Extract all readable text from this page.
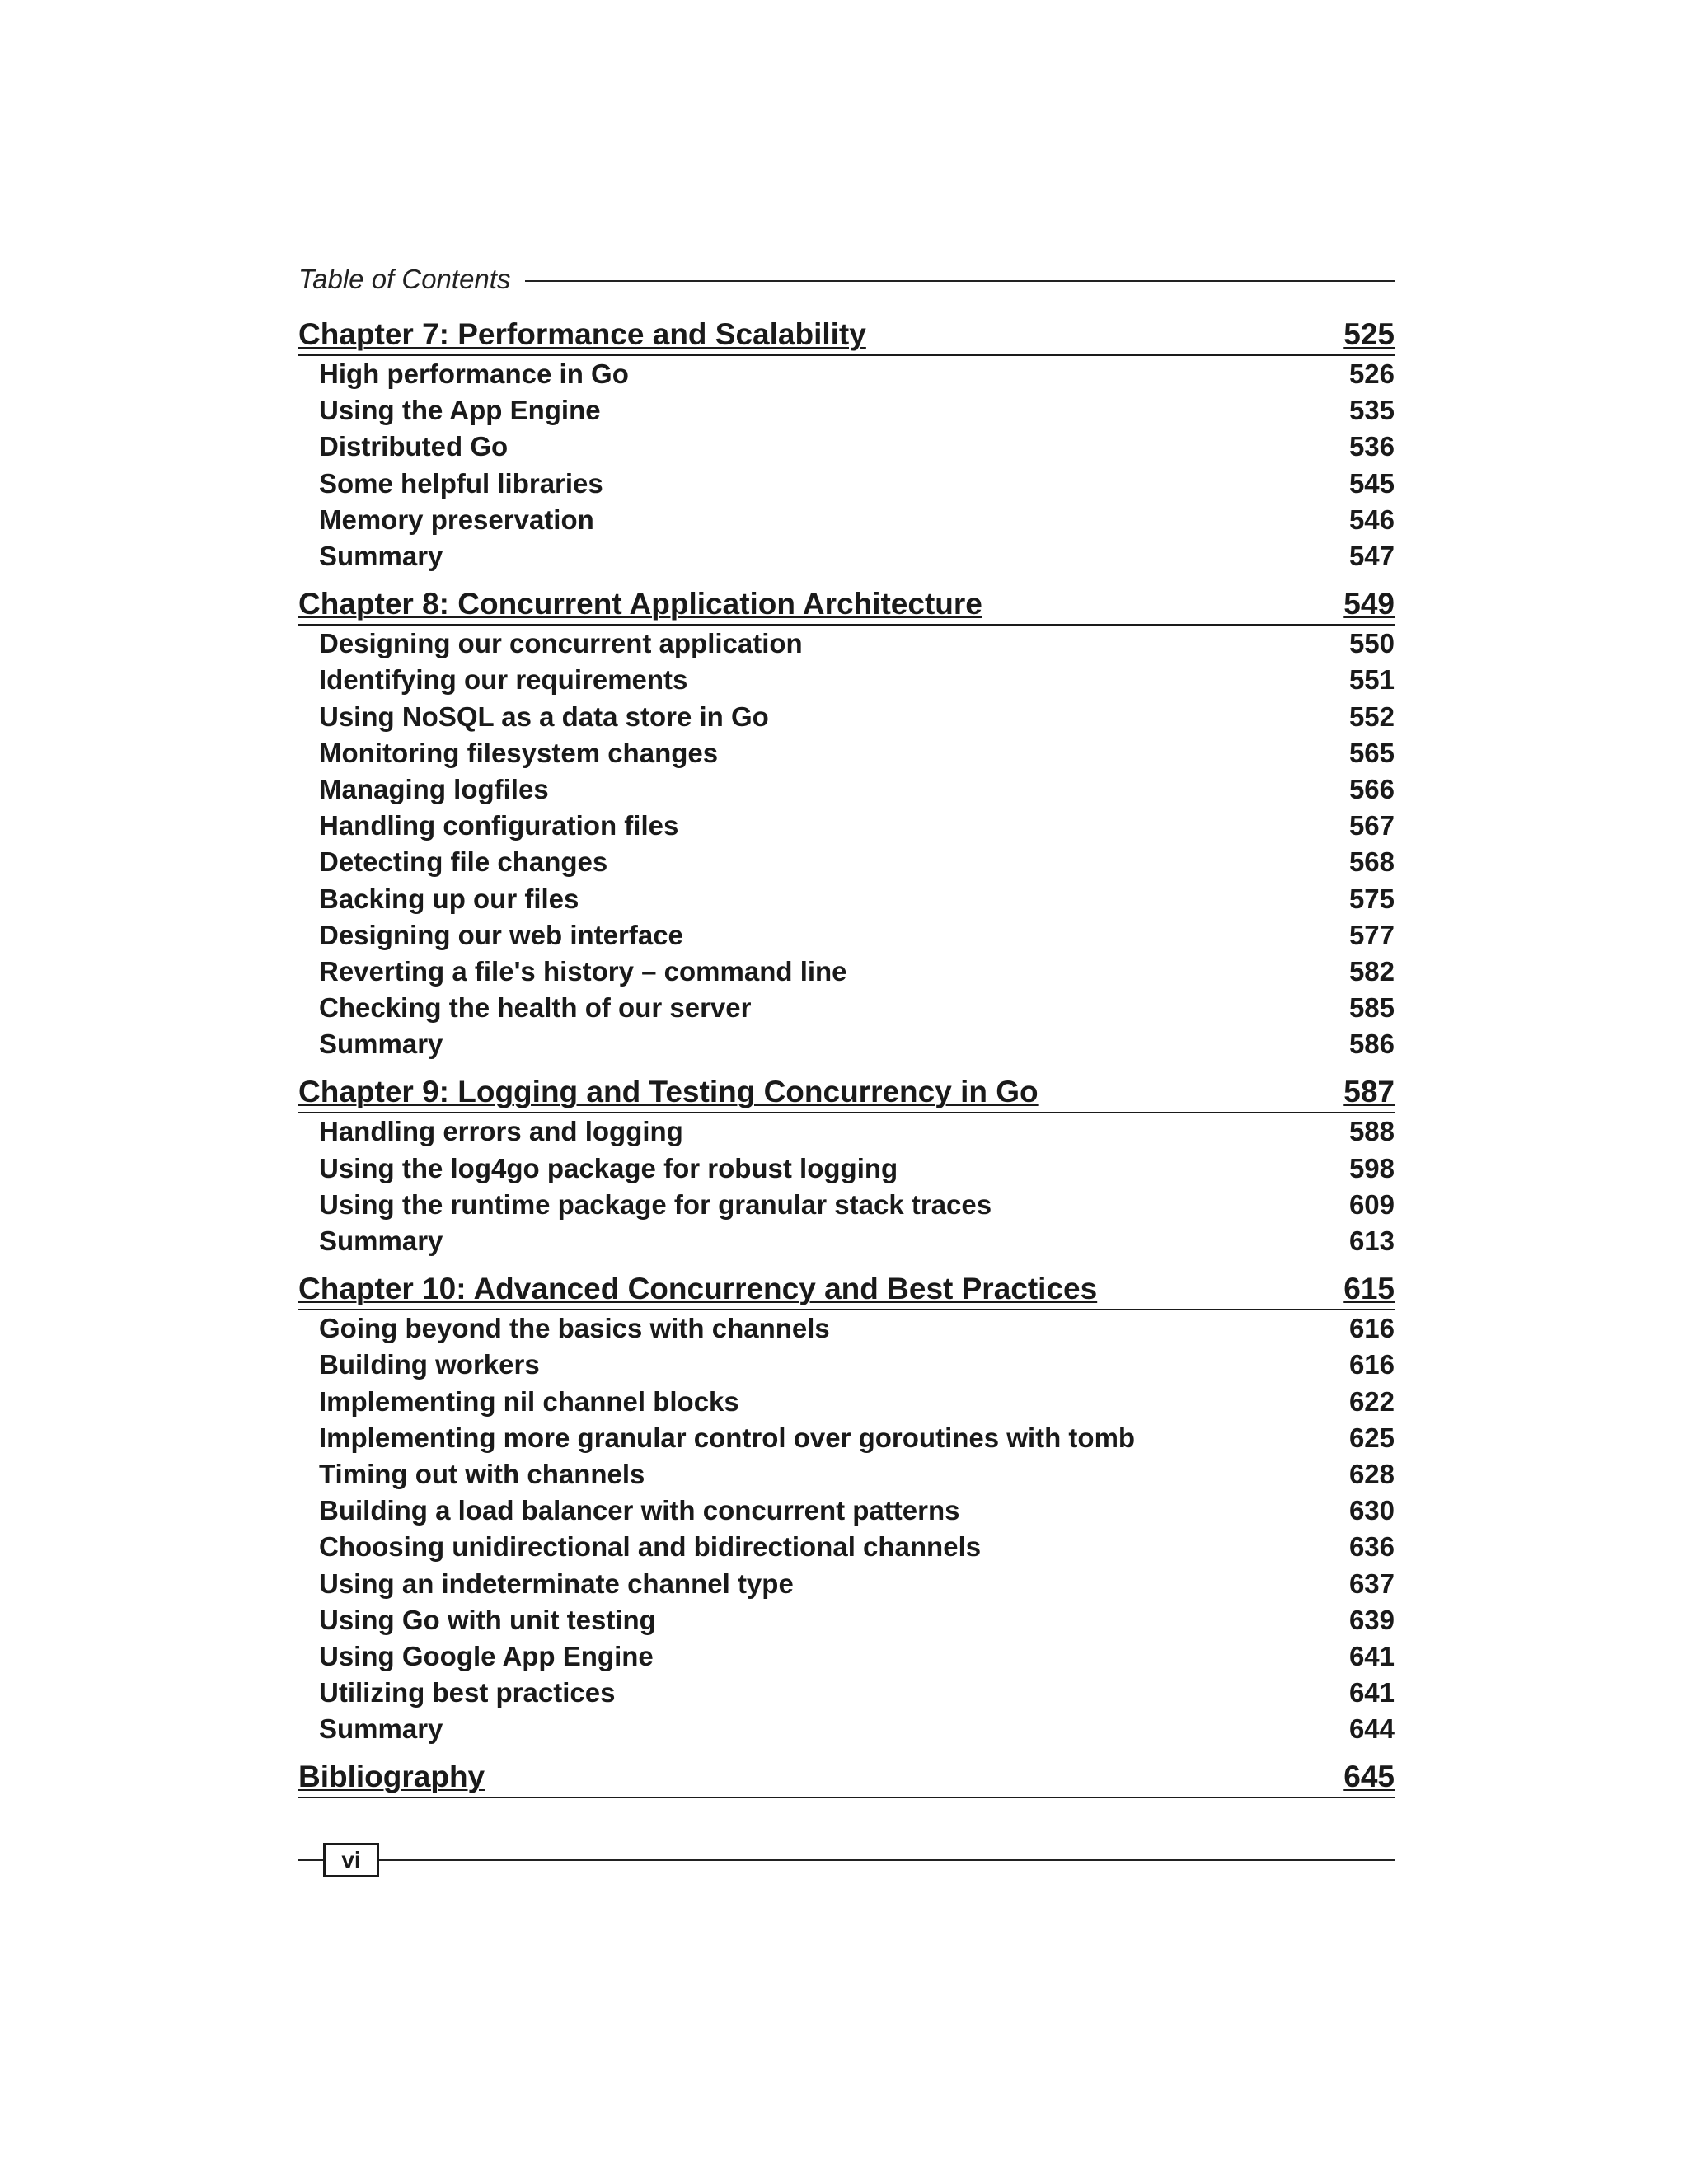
Table of Contents
Chapter 7: Performance and Scalability	525
High performance in Go	526
Using the App Engine	535
Distributed Go	536
Some helpful libraries	545
Memory preservation	546
Summary	547
Chapter 8: Concurrent Application Architecture	549
Designing our concurrent application	550
Identifying our requirements	551
Using NoSQL as a data store in Go	552
Monitoring filesystem changes	565
Managing logfiles	566
Handling configuration files	567
Detecting file changes	568
Backing up our files	575
Designing our web interface	577
Reverting a file's history – command line	582
Checking the health of our server	585
Summary	586
Chapter 9: Logging and Testing Concurrency in Go	587
Handling errors and logging	588
Using the log4go package for robust logging	598
Using the runtime package for granular stack traces	609
Summary	613
Chapter 10: Advanced Concurrency and Best Practices	615
Going beyond the basics with channels	616
Building workers	616
Implementing nil channel blocks	622
Implementing more granular control over goroutines with tomb	625
Timing out with channels	628
Building a load balancer with concurrent patterns	630
Choosing unidirectional and bidirectional channels	636
Using an indeterminate channel type	637
Using Go with unit testing	639
Using Google App Engine	641
Utilizing best practices	641
Summary	644
Bibliography	645
vi
